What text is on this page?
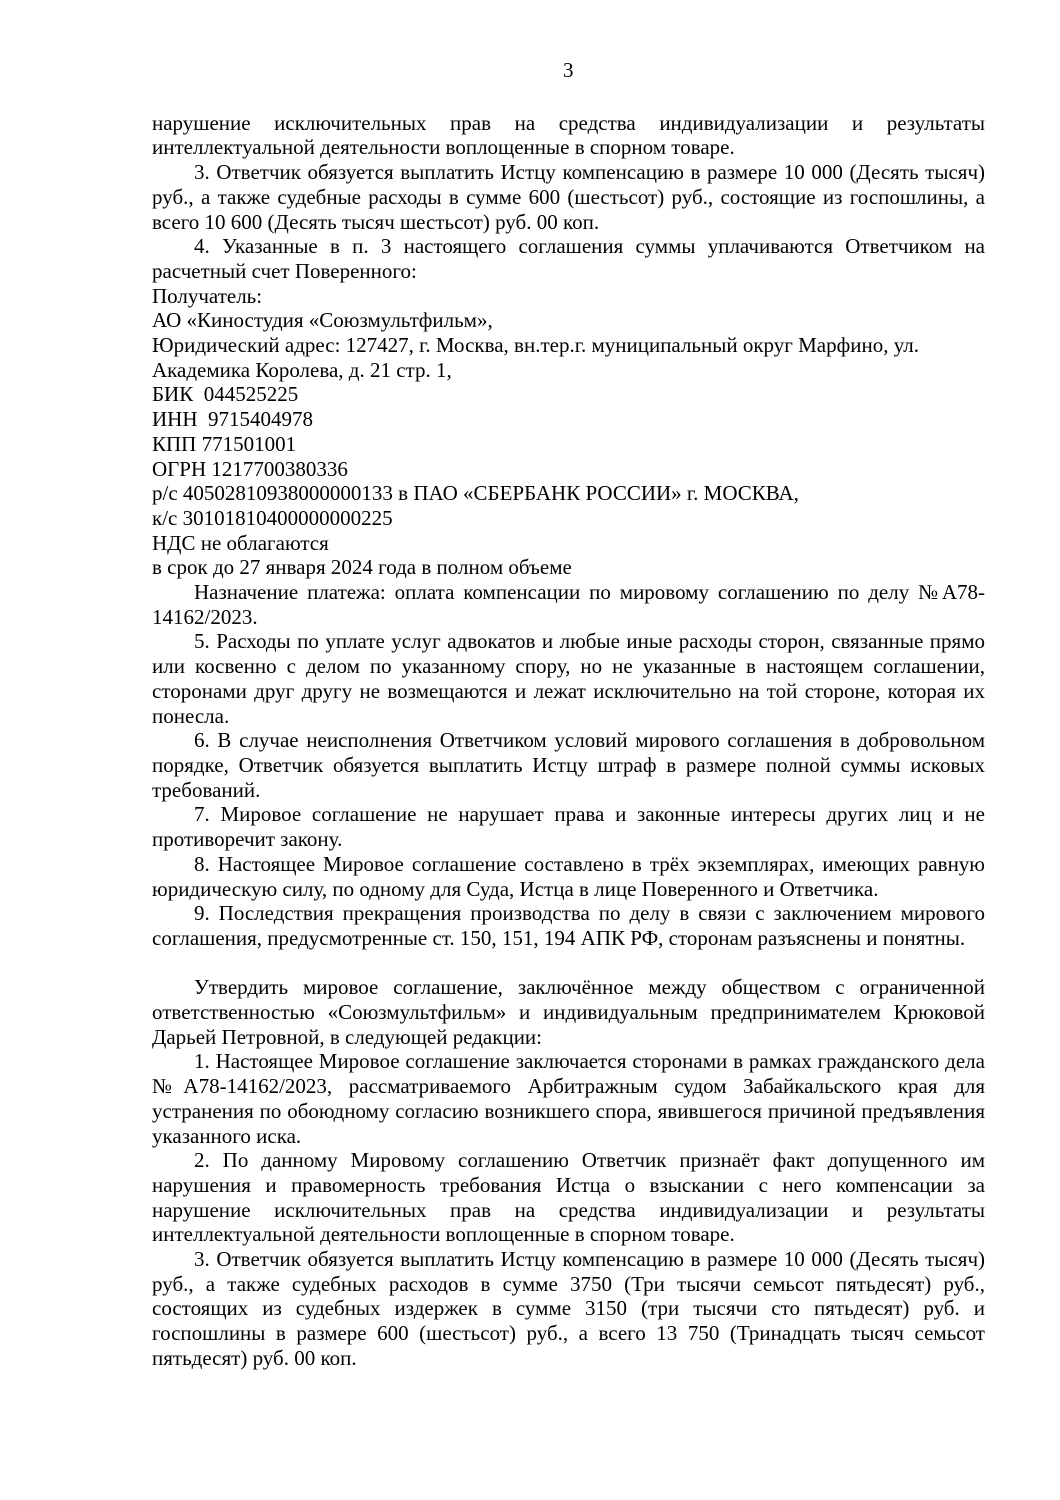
3

нарушение исключительных прав на средства индивидуализации и результаты интеллектуальной деятельности воплощенные в спорном товаре.

3. Ответчик обязуется выплатить Истцу компенсацию в размере 10 000 (Десять тысяч) руб., а также судебные расходы в сумме 600 (шестьсот) руб., состоящие из госпошлины, а всего 10 600 (Десять тысяч шестьсот) руб. 00 коп.

4. Указанные в п. 3 настоящего соглашения суммы уплачиваются Ответчиком на расчетный счет Поверенного:

Получатель:

АО «Киностудия «Союзмультфильм»,

Юридический адрес: 127427, г. Москва, вн.тер.г. муниципальный округ Марфино, ул.

Академика Королева, д. 21 стр. 1,

БИК  044525225

ИНН  9715404978

КПП 771501001

ОГРН 1217700380336

р/с 40502810938000000133 в ПАО «СБЕРБАНК РОССИИ» г. МОСКВА,

к/с 30101810400000000225

НДС не облагаются

в срок до 27 января 2024 года в полном объеме

Назначение платежа: оплата компенсации по мировому соглашению по делу №А78-14162/2023.

5. Расходы по уплате услуг адвокатов и любые иные расходы сторон, связанные прямо или косвенно с делом по указанному спору, но не указанные в настоящем соглашении, сторонами друг другу не возмещаются и лежат исключительно на той стороне, которая их понесла.

6. В случае неисполнения Ответчиком условий мирового соглашения в добровольном порядке, Ответчик обязуется выплатить Истцу штраф в размере полной суммы исковых требований.

7. Мировое соглашение не нарушает права и законные интересы других лиц и не противоречит закону.

8. Настоящее Мировое соглашение составлено в трёх экземплярах, имеющих равную юридическую силу, по одному для Суда, Истца в лице Поверенного и Ответчика.

9. Последствия прекращения производства по делу в связи с заключением мирового соглашения, предусмотренные ст. 150, 151, 194 АПК РФ, сторонам разъяснены и понятны.

Утвердить мировое соглашение, заключённое между обществом с ограниченной ответственностью «Союзмультфильм» и индивидуальным предпринимателем Крюковой Дарьей Петровной, в следующей редакции:

1. Настоящее Мировое соглашение заключается сторонами в рамках гражданского дела №А78-14162/2023, рассматриваемого Арбитражным судом Забайкальского края для устранения по обоюдному согласию возникшего спора, явившегося причиной предъявления указанного иска.

2. По данному Мировому соглашению Ответчик признаёт факт допущенного им нарушения и правомерность требования Истца о взыскании с него компенсации за нарушение исключительных прав на средства индивидуализации и результаты интеллектуальной деятельности воплощенные в спорном товаре.

3. Ответчик обязуется выплатить Истцу компенсацию в размере 10 000 (Десять тысяч) руб., а также судебных расходов в сумме 3750 (Три тысячи семьсот пятьдесят) руб., состоящих из судебных издержек в сумме 3150 (три тысячи сто пятьдесят) руб. и госпошлины в размере 600 (шестьсот) руб., а всего 13 750 (Тринадцать тысяч семьсот пятьдесят) руб. 00 коп.
